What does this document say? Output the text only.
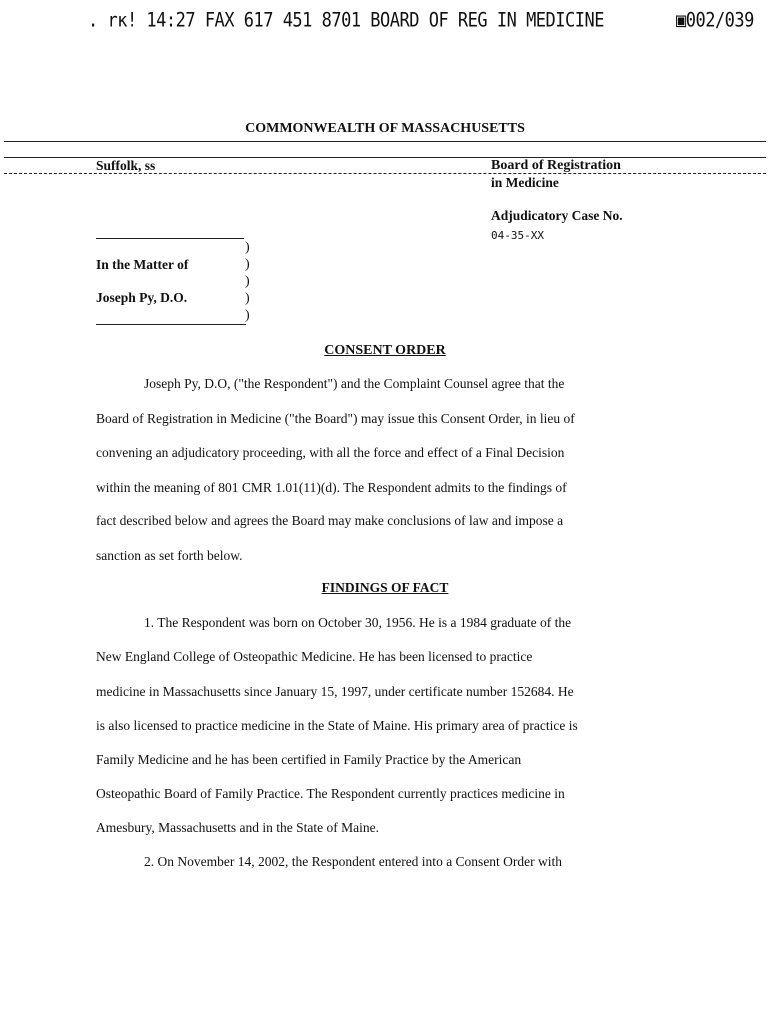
. rк! 14:27 FAX 617 451 8701 BOARD OF REG IN MEDICINE	▣002/039
COMMONWEALTH OF MASSACHUSETTS
Suffolk, ss	Board of Registration
in Medicine
Adjudicatory Case No.
04-35-XX
In the Matter of
Joseph Py, D.O.
)
)
)
)
)
CONSENT ORDER
Joseph Py, D.O, ("the Respondent") and the Complaint Counsel agree that the
Board of Registration in Medicine ("the Board") may issue this Consent Order, in lieu of
convening an adjudicatory proceeding, with all the force and effect of a Final Decision
within the meaning of 801 CMR 1.01(11)(d). The Respondent admits to the findings of
fact described below and agrees the Board may make conclusions of law and impose a
sanction as set forth below.
FINDINGS OF FACT
1. The Respondent was born on October 30, 1956. He is a 1984 graduate of the
New England College of Osteopathic Medicine. He has been licensed to practice
medicine in Massachusetts since January 15, 1997, under certificate number 152684. He
is also licensed to practice medicine in the State of Maine. His primary area of practice is
Family Medicine and he has been certified in Family Practice by the American
Osteopathic Board of Family Practice. The Respondent currently practices medicine in
Amesbury, Massachusetts and in the State of Maine.
2. On November 14, 2002, the Respondent entered into a Consent Order with
